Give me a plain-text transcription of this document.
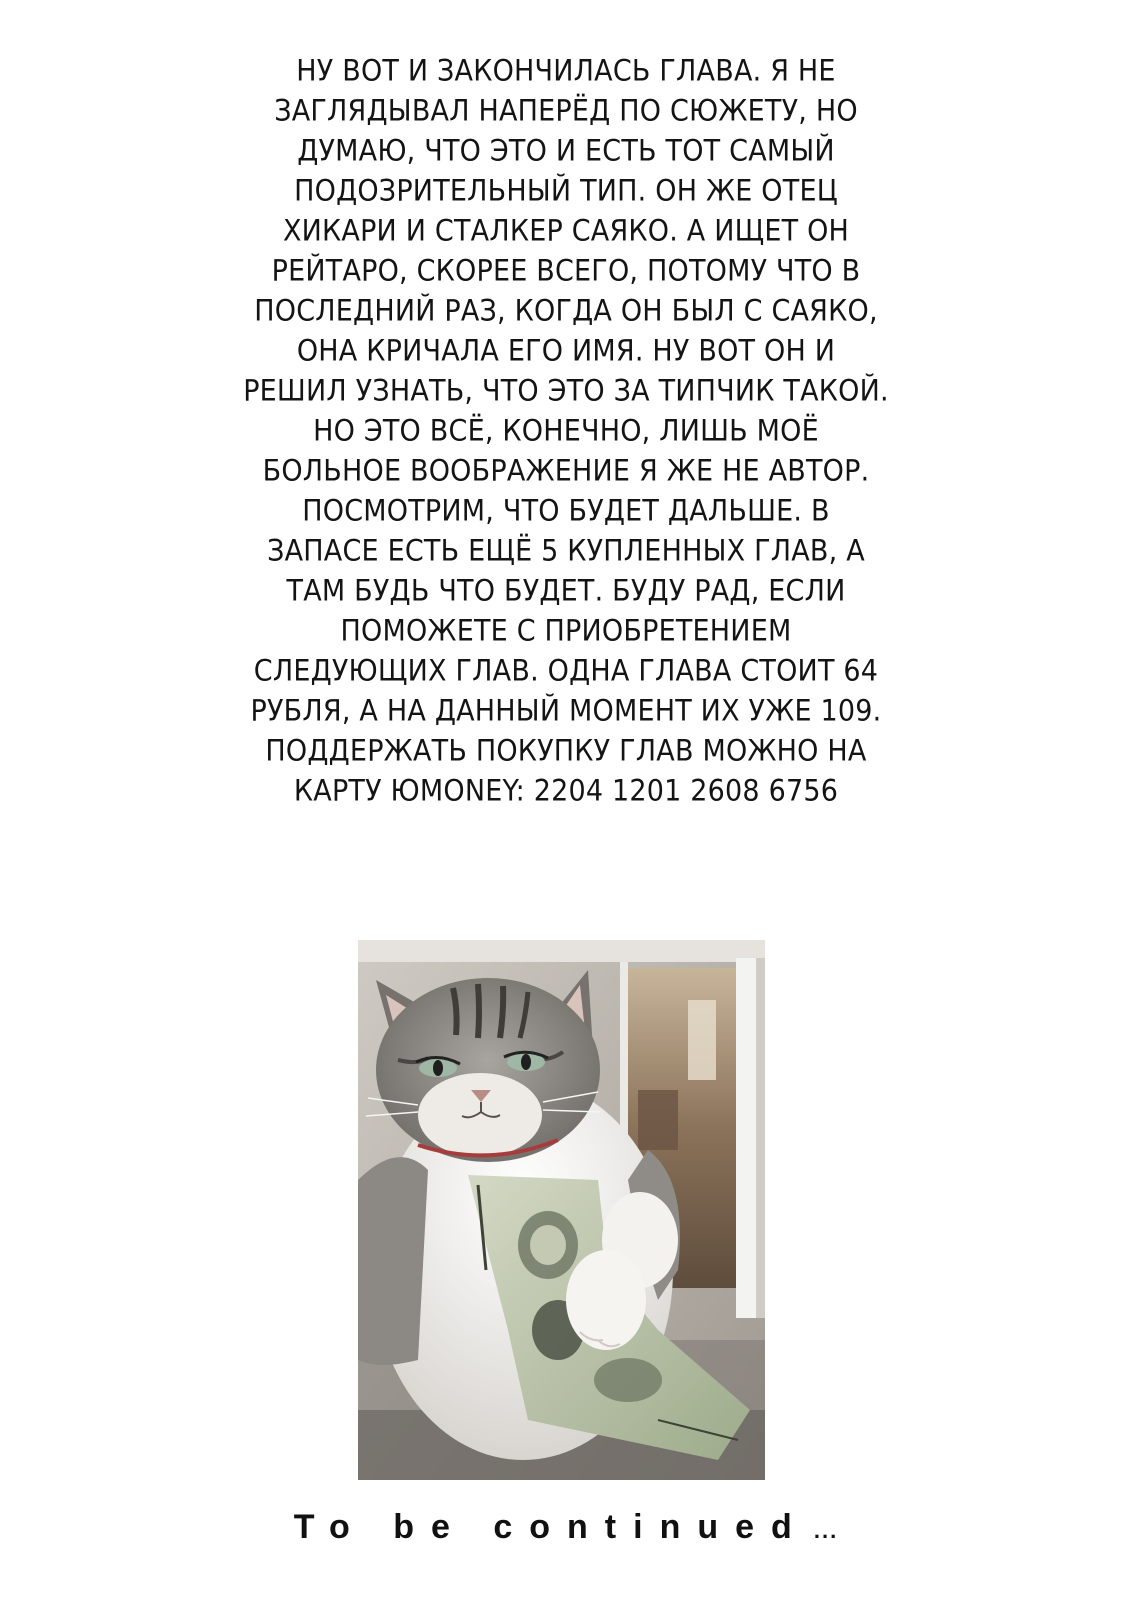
НУ ВОТ И ЗАКОНЧИЛАСЬ ГЛАВА. Я НЕ
ЗАГЛЯДЫВАЛ НАПЕРЁД ПО СЮЖЕТУ, НО
ДУМАЮ, ЧТО ЭТО И ЕСТЬ ТОТ САМЫЙ
ПОДОЗРИТЕЛЬНЫЙ ТИП. ОН ЖЕ ОТЕЦ
ХИКАРИ И СТАЛКЕР САЯКО. А ИЩЕТ ОН
РЕЙТАРО, СКОРЕЕ ВСЕГО, ПОТОМУ ЧТО В
ПОСЛЕДНИЙ РАЗ, КОГДА ОН БЫЛ С САЯКО,
ОНА КРИЧАЛА ЕГО ИМЯ. НУ ВОТ ОН И
РЕШИЛ УЗНАТЬ, ЧТО ЭТО ЗА ТИПЧИК ТАКОЙ.
НО ЭТО ВСЁ, КОНЕЧНО, ЛИШЬ МОЁ
БОЛЬНОЕ ВООБРАЖЕНИЕ Я ЖЕ НЕ АВТОР.
ПОСМОТРИМ, ЧТО БУДЕТ ДАЛЬШЕ. В
ЗАПАСЕ ЕСТЬ ЕЩЁ 5 КУПЛЕННЫХ ГЛАВ, А
ТАМ БУДЬ ЧТО БУДЕТ. БУДУ РАД, ЕСЛИ
ПОМОЖЕТЕ С ПРИОБРЕТЕНИЕМ
СЛЕДУЮЩИХ ГЛАВ. ОДНА ГЛАВА СТОИТ 64
РУБЛЯ, А НА ДАННЫЙ МОМЕНТ ИХ УЖЕ 109.
ПОДДЕРЖАТЬ ПОКУПКУ ГЛАВ МОЖНО НА
КАРТУ ЮMONEY: 2204 1201 2608 6756
To be continued ...
